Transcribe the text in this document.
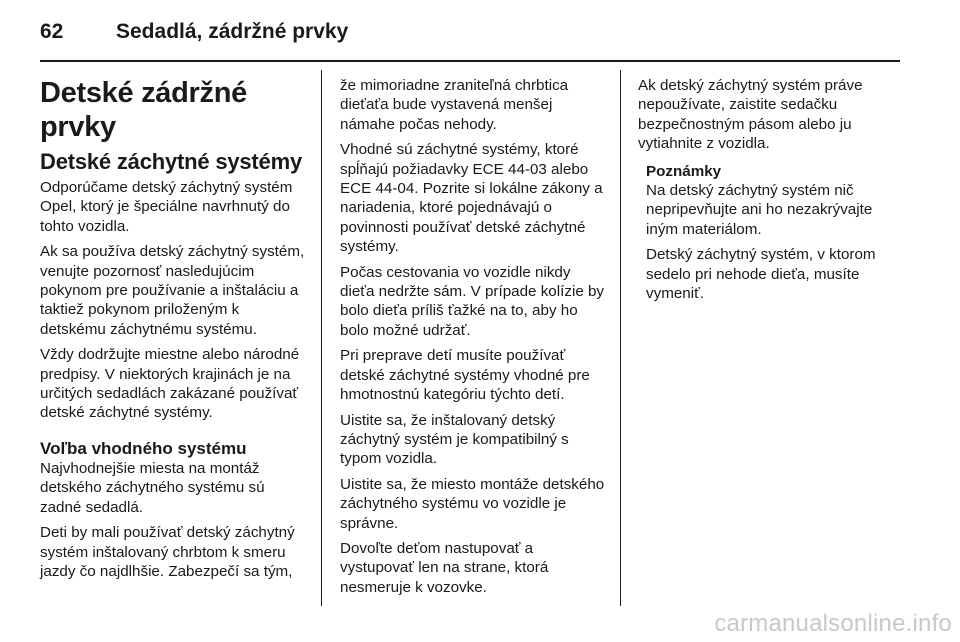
62	Sedadlá, zádržné prvky
Detské zádržné prvky
Detské záchytné systémy

Odporúčame detský záchytný systém Opel, ktorý je špeciálne navrhnutý do tohto vozidla.

Ak sa používa detský záchytný systém, venujte pozornosť nasledujúcim pokynom pre používanie a inštaláciu a taktiež pokynom priloženým k detskému záchytnému systému.

Vždy dodržujte miestne alebo národné predpisy. V niektorých krajinách je na určitých sedadlách zakázané používať detské záchytné systémy.

Voľba vhodného systému

Najvhodnejšie miesta na montáž detského záchytného systému sú zadné sedadlá.

Deti by mali používať detský záchytný systém inštalovaný chrbtom k smeru jazdy čo najdlhšie. Zabezpečí sa tým,

že mimoriadne zraniteľná chrbtica dieťaťa bude vystavená menšej námahe počas nehody.

Vhodné sú záchytné systémy, ktoré spĺňajú požiadavky ECE 44-03 alebo ECE 44-04. Pozrite si lokálne zákony a nariadenia, ktoré pojednávajú o povinnosti používať detské záchytné systémy.

Počas cestovania vo vozidle nikdy dieťa nedržte sám. V prípade kolízie by bolo dieťa príliš ťažké na to, aby ho bolo možné udržať.

Pri preprave detí musíte používať detské záchytné systémy vhodné pre hmotnostnú kategóriu týchto detí.

Uistite sa, že inštalovaný detský záchytný systém je kompatibilný s typom vozidla.

Uistite sa, že miesto montáže detského záchytného systému vo vozidle je správne.

Dovoľte deťom nastupovať a vystupovať len na strane, ktorá nesmeruje k vozovke.

Ak detský záchytný systém práve nepoužívate, zaistite sedačku bezpečnostným pásom alebo ju vytiahnite z vozidla.

Poznámky

Na detský záchytný systém nič nepripevňujte ani ho nezakrývajte iným materiálom.

Detský záchytný systém, v ktorom sedelo pri nehode dieťa, musíte vymeniť.

carmanualsonline.info
